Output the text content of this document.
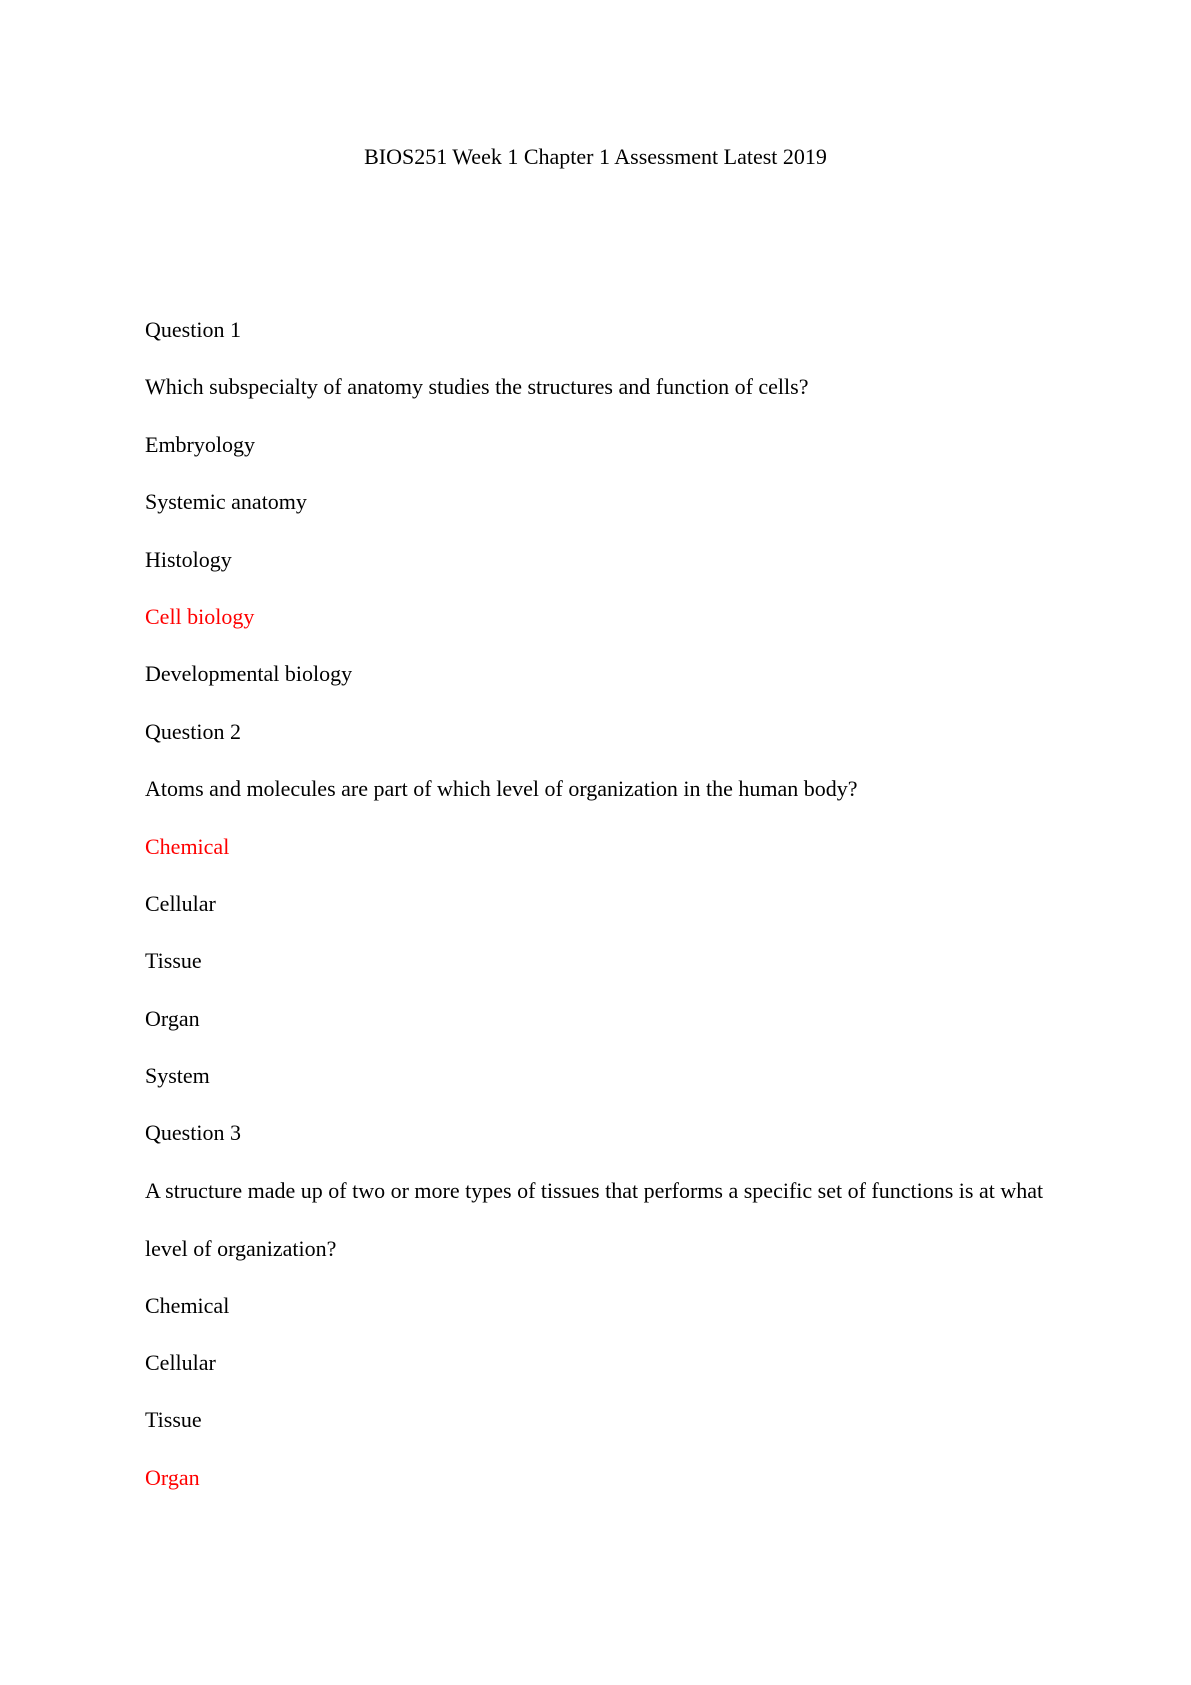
BIOS251 Week 1 Chapter 1 Assessment Latest 2019
Question 1
Which subspecialty of anatomy studies the structures and function of cells?
Embryology
Systemic anatomy
Histology
Cell biology
Developmental biology
Question 2
Atoms and molecules are part of which level of organization in the human body?
Chemical
Cellular
Tissue
Organ
System
Question 3
A structure made up of two or more types of tissues that performs a specific set of functions is at what level of organization?
Chemical
Cellular
Tissue
Organ
